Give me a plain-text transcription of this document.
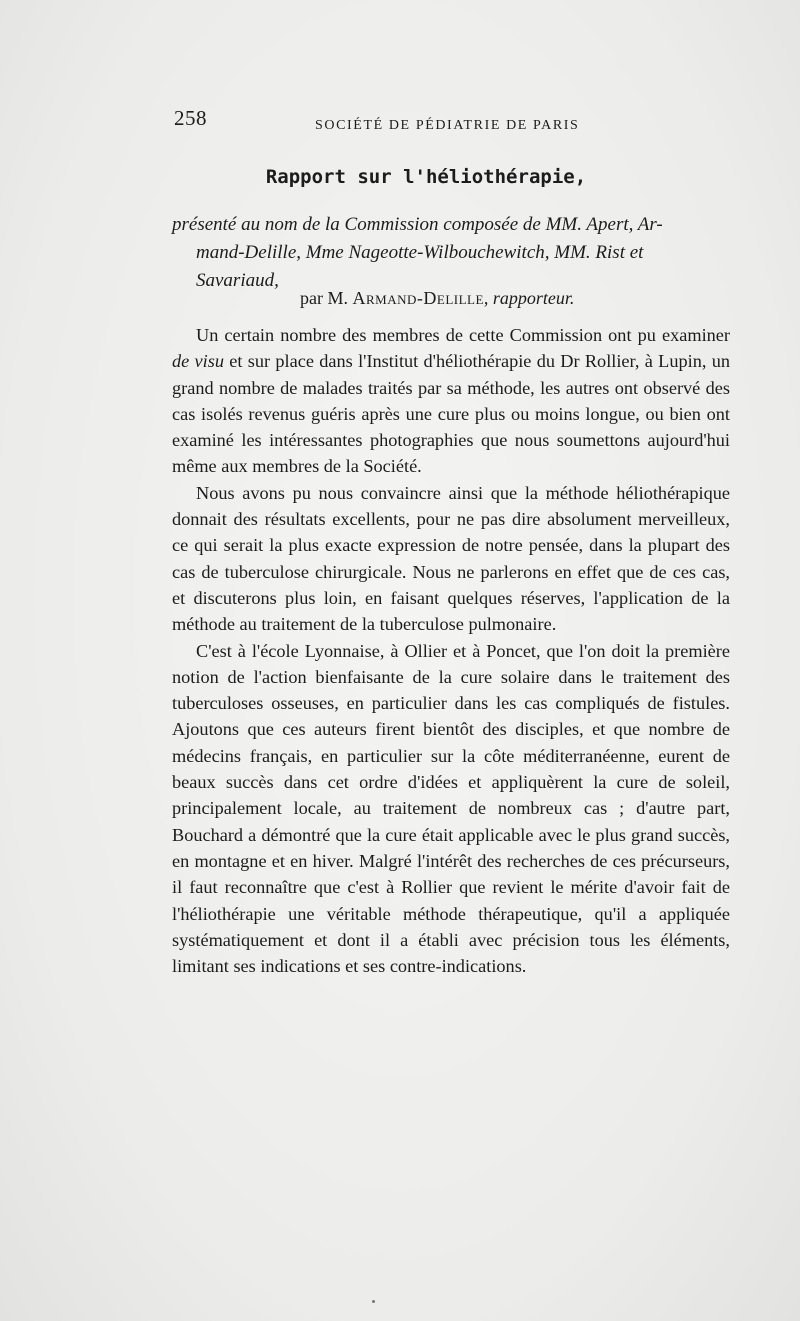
258	SOCIÉTÉ DE PÉDIATRIE DE PARIS
Rapport sur l'héliothérapie,
présenté au nom de la Commission composée de MM. Apert, Ar-
mand-Delille, Mme Nageotte-Wilbouchewitch, MM. Rist et
Savariaud,
par M. Armand-Delille, rapporteur.

Un certain nombre des membres de cette Commission ont pu examiner de visu et sur place dans l'Institut d'héliothérapie du Dr Rollier, à Lupin, un grand nombre de malades traités par sa méthode, les autres ont observé des cas isolés revenus guéris après une cure plus ou moins longue, ou bien ont examiné les intéressantes photographies que nous soumettons aujourd'hui même aux membres de la Société.

Nous avons pu nous convaincre ainsi que la méthode héliothérapique donnait des résultats excellents, pour ne pas dire absolument merveilleux, ce qui serait la plus exacte expression de notre pensée, dans la plupart des cas de tuberculose chirurgicale. Nous ne parlerons en effet que de ces cas, et discuterons plus loin, en faisant quelques réserves, l'application de la méthode au traitement de la tuberculose pulmonaire.

C'est à l'école Lyonnaise, à Ollier et à Poncet, que l'on doit la première notion de l'action bienfaisante de la cure solaire dans le traitement des tuberculoses osseuses, en particulier dans les cas compliqués de fistules. Ajoutons que ces auteurs firent bientôt des disciples, et que nombre de médecins français, en particulier sur la côte méditerranéenne, eurent de beaux succès dans cet ordre d'idées et appliquèrent la cure de soleil, principalement locale, au traitement de nombreux cas ; d'autre part, Bouchard a démontré que la cure était applicable avec le plus grand succès, en montagne et en hiver. Malgré l'intérêt des recherches de ces précurseurs, il faut reconnaître que c'est à Rollier que revient le mérite d'avoir fait de l'héliothérapie une véritable méthode thérapeutique, qu'il a appliquée systématiquement et dont il a établi avec précision tous les éléments, limitant ses indications et ses contre-indications.
